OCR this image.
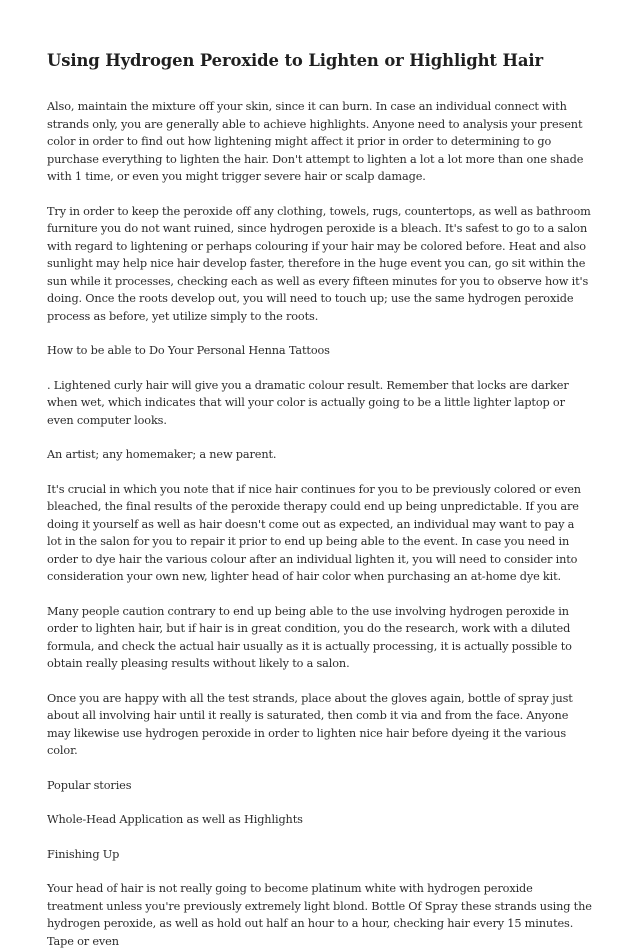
Using Hydrogen Peroxide to Lighten or Highlight Hair

Also, maintain the mixture off your skin, since it can burn. In case an individual connect with strands only, you are generally able to achieve highlights. Anyone need to analysis your present color in order to find out how lightening might affect it prior in order to determining to go purchase everything to lighten the hair. Don't attempt to lighten a lot a lot more than one shade with 1 time, or even you might trigger severe hair or scalp damage.

Try in order to keep the peroxide off any clothing, towels, rugs, countertops, as well as bathroom furniture you do not want ruined, since hydrogen peroxide is a bleach. It's safest to go to a salon with regard to lightening or perhaps colouring if your hair may be colored before. Heat and also sunlight may help nice hair develop faster, therefore in the huge event you can, go sit within the sun while it processes, checking each as well as every fifteen minutes for you to observe how it's doing. Once the roots develop out, you will need to touch up; use the same hydrogen peroxide process as before, yet utilize simply to the roots.

How to be able to Do Your Personal Henna Tattoos

. Lightened curly hair will give you a dramatic colour result. Remember that locks are darker when wet, which indicates that will your color is actually going to be a little lighter laptop or even computer looks.

An artist; any homemaker; a new parent.

It's crucial in which you note that if nice hair continues for you to be previously colored or even bleached, the final results of the peroxide therapy could end up being unpredictable. If you are doing it yourself as well as hair doesn't come out as expected, an individual may want to pay a lot in the salon for you to repair it prior to end up being able to the event. In case you need in order to dye hair the various colour after an individual lighten it, you will need to consider into consideration your own new, lighter head of hair color when purchasing an at-home dye kit.

Many people caution contrary to end up being able to the use involving hydrogen peroxide in order to lighten hair, but if hair is in great condition, you do the research, work with a diluted formula, and check the actual hair usually as it is actually processing, it is actually possible to obtain really pleasing results without likely to a salon.

Once you are happy with all the test strands, place about the gloves again, bottle of spray just about all involving hair until it really is saturated, then comb it via and from the face. Anyone may likewise use hydrogen peroxide in order to lighten nice hair before dyeing it the various color.

Popular stories

Whole-Head Application as well as Highlights

Finishing Up

Your head of hair is not really going to become platinum white with hydrogen peroxide treatment unless you're previously extremely light blond. Bottle Of Spray these strands using the hydrogen peroxide, as well as hold out half an hour to a hour, checking hair every 15 minutes. Tape or even
